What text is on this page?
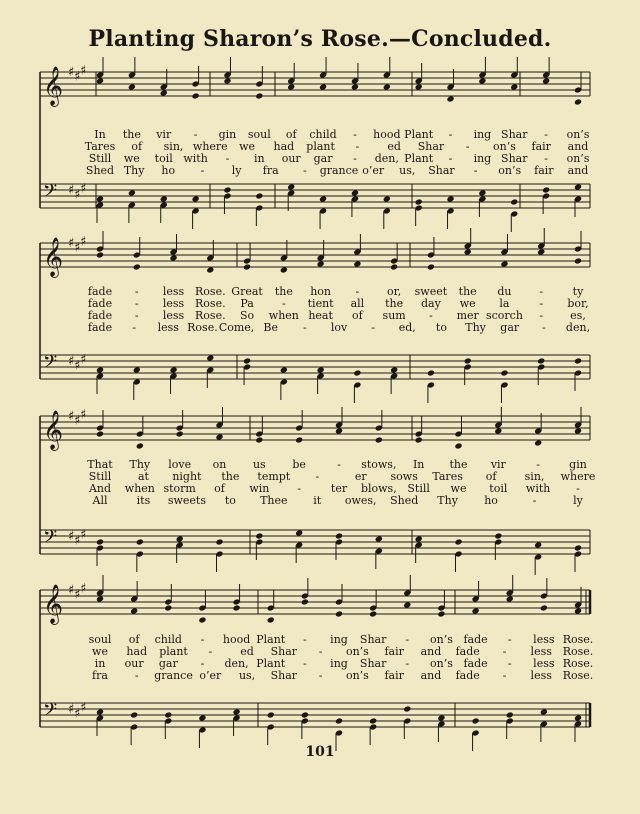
Planting Sharon’s Rose.—Concluded.
𝄞 ♯ ♯ ♯
𝄢 ♯ ♯ ♯
𝄞 ♯ ♯ ♯
𝄢 ♯ ♯ ♯
𝄞 ♯ ♯ ♯
𝄢 ♯ ♯ ♯
𝄞 ♯ ♯ ♯
𝄢 ♯ ♯ ♯
In the vir - gin soul of child - hood Plant - ing Shar - on’s
Tares of sin, where we had plant -	ed Shar - on’s fair and
Still we toil with - in our gar - den, Plant - ing Shar - on’s
Shed Thy ho - ly fra - grance o’er us, Shar - on’s fair and
fade - less Rose. Great the hon -	or, sweet the du	-	ty
fade - less Rose. Pa	- tient all the day we la	- bor,
fade - less Rose. So when heat of sum - mer scorch - es,
fade - less Rose. Come, Be - lov - ed, to Thy gar - den,
That Thy love on us be	- stows, In the vir	-	gin
Still at night the tempt -	er sows Tares of	sin, where
And when storm of win	-	ter blows, Still we toil with -
All	its sweets to Thee it owes, Shed Thy ho	-	ly
soul of child - hood Plant - ing Shar - on’s fade - less Rose.
we had plant -	ed Shar - on’s fair and fade - less Rose.
in our gar - den, Plant - ing Shar - on’s fade - less Rose.
fra - grance o’er us, Shar - on’s fair and fade - less Rose.
101
